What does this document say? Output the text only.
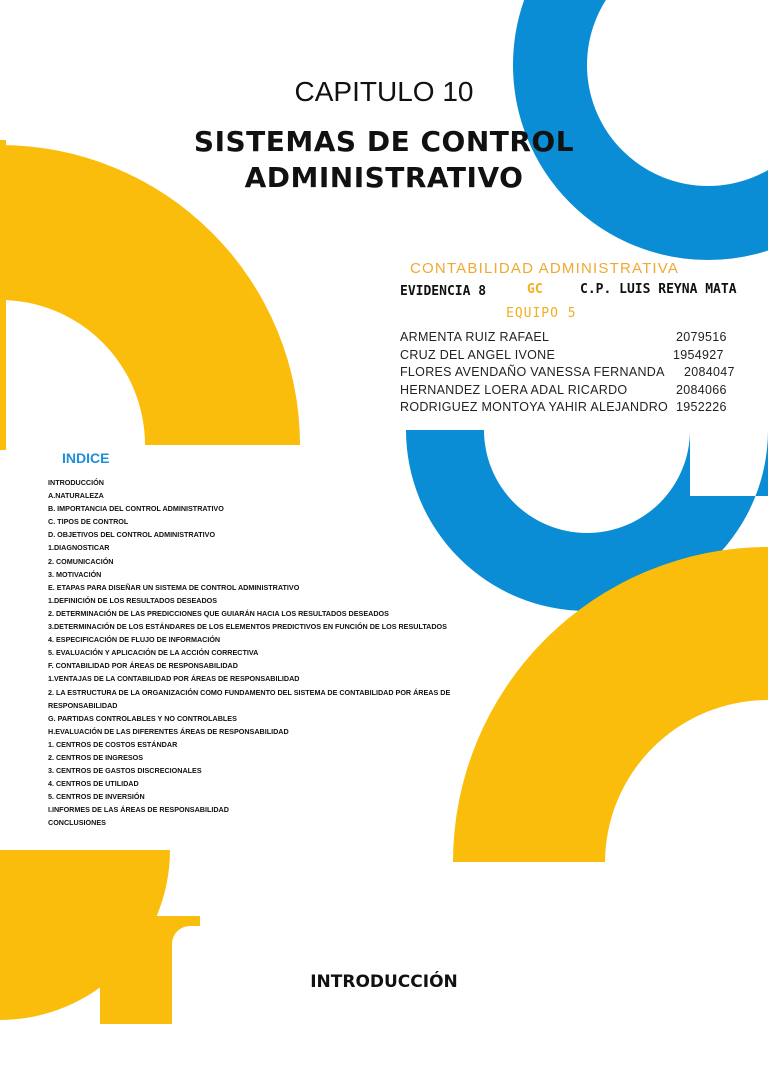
CAPITULO 10
SISTEMAS DE CONTROL
ADMINISTRATIVO
CONTABILIDAD ADMINISTRATIVA
EVIDENCIA 8	GC	C.P. LUIS REYNA MATA
EQUIPO 5
ARMENTA RUIZ RAFAEL	2079516
CRUZ DEL ANGEL IVONE	1954927
FLORES AVENDAÑO VANESSA FERNANDA 2084047
HERNANDEZ LOERA ADAL RICARDO	2084066
RODRIGUEZ MONTOYA YAHIR ALEJANDRO 1952226
INDICE
INTRODUCCIÓN
A.NATURALEZA
B. IMPORTANCIA DEL CONTROL ADMINISTRATIVO
C. TIPOS DE CONTROL
D. OBJETIVOS DEL CONTROL ADMINISTRATIVO
1.DIAGNOSTICAR
2. COMUNICACIÓN
3. MOTIVACIÓN
E. ETAPAS PARA DISEÑAR UN SISTEMA DE CONTROL ADMINISTRATIVO
1.DEFINICIÓN DE LOS RESULTADOS DESEADOS
2. DETERMINACIÓN DE LAS PREDICCIONES QUE GUIARÁN HACIA LOS RESULTADOS DESEADOS
3.DETERMINACIÓN DE LOS ESTÁNDARES DE LOS ELEMENTOS PREDICTIVOS EN FUNCIÓN DE LOS RESULTADOS
4. ESPECIFICACIÓN DE FLUJO DE INFORMACIÓN
5. EVALUACIÓN Y APLICACIÓN DE LA ACCIÓN CORRECTIVA
F. CONTABILIDAD POR ÁREAS DE RESPONSABILIDAD
1.VENTAJAS DE LA CONTABILIDAD POR ÁREAS DE RESPONSABILIDAD
2. LA ESTRUCTURA DE LA ORGANIZACIÓN COMO FUNDAMENTO DEL SISTEMA DE CONTABILIDAD POR ÁREAS DE RESPONSABILIDAD
G. PARTIDAS CONTROLABLES Y NO CONTROLABLES
H.EVALUACIÓN DE LAS DIFERENTES ÁREAS DE RESPONSABILIDAD
1. CENTROS DE COSTOS ESTÁNDAR
2. CENTROS DE INGRESOS
3. CENTROS DE GASTOS DISCRECIONALES
4. CENTROS DE UTILIDAD
5. CENTROS DE INVERSIÓN
I.INFORMES DE LAS ÁREAS DE RESPONSABILIDAD
CONCLUSIONES
INTRODUCCIÓN
